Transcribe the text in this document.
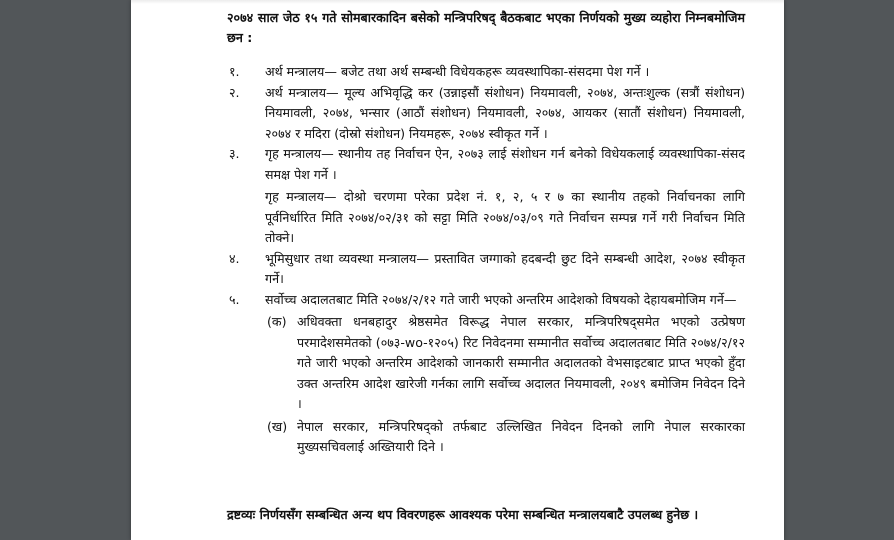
२०७४ साल जेठ १५ गते सोमबारकादिन बसेको मन्त्रिपरिषद् बैठकबाट भएका निर्णयको मुख्य व्यहोरा निम्नबमोजिम छन :

१.	अर्थ मन्त्रालय— बजेट तथा अर्थ सम्बन्धी विधेयकहरू व्यवस्थापिका-संसदमा पेश गर्ने ।

२.	अर्थ मन्त्रालय— मूल्य अभिवृद्धि कर (उन्नाइसौं संशोधन) नियमावली, २०७४, अन्तःशुल्क (सत्रौं संशोधन) नियमावली, २०७४, भन्सार (आठौं संशोधन) नियमावली, २०७४, आयकर (सातौं संशोधन) नियमावली, २०७४ र मदिरा (दोस्रो संशोधन) नियमहरू, २०७४ स्वीकृत गर्ने ।

३.	गृह मन्त्रालय— स्थानीय तह निर्वाचन ऐन, २०७३ लाई संशोधन गर्न बनेको विधेयकलाई व्यवस्थापिका-संसद समक्ष पेश गर्ने ।

गृह मन्त्रालय— दोश्रो चरणमा परेका प्रदेश नं. १, २, ५ र ७ का स्थानीय तहको निर्वाचनका लागि पूर्वनिर्धारित मिति २०७४/०२/३१ को सट्टा मिति २०७४/०३/०९ गते निर्वाचन सम्पन्न गर्ने गरी निर्वाचन मिति तोक्ने।

४.	भूमिसुधार तथा व्यवस्था मन्त्रालय— प्रस्तावित जग्गाको हदबन्दी छुट दिने सम्बन्धी आदेश, २०७४ स्वीकृत गर्ने।

५.	सर्वोच्च अदालतबाट मिति २०७४/२/१२ गते जारी भएको अन्तरिम आदेशको विषयको देहायबमोजिम गर्ने—

(क) अधिवक्ता धनबहादुर श्रेष्ठसमेत विरूद्ध नेपाल सरकार, मन्त्रिपरिषद्समेत भएको उत्प्रेषण परमादेशसमेतको (०७३-wo-१२०५) रिट निवेदनमा सम्मानीत सर्वोच्च अदालतबाट मिति २०७४/२/१२ गते जारी भएको अन्तरिम आदेशको जानकारी सम्मानीत अदालतको वेभसाइटबाट प्राप्त भएको हुँदा उक्त अन्तरिम आदेश खारेजी गर्नका लागि सर्वोच्च अदालत नियमावली, २०४९ बमोजिम निवेदन दिने ।
(ख) नेपाल सरकार, मन्त्रिपरिषद्को तर्फबाट उल्लिखित निवेदन दिनको लागि नेपाल सरकारका मुख्यसचिवलाई अख्तियारी दिने ।

द्रष्टव्यः निर्णयसँग सम्बन्धित अन्य थप विवरणहरू आवश्यक परेमा सम्बन्धित मन्त्रालयबाटै उपलब्ध हुनेछ ।
